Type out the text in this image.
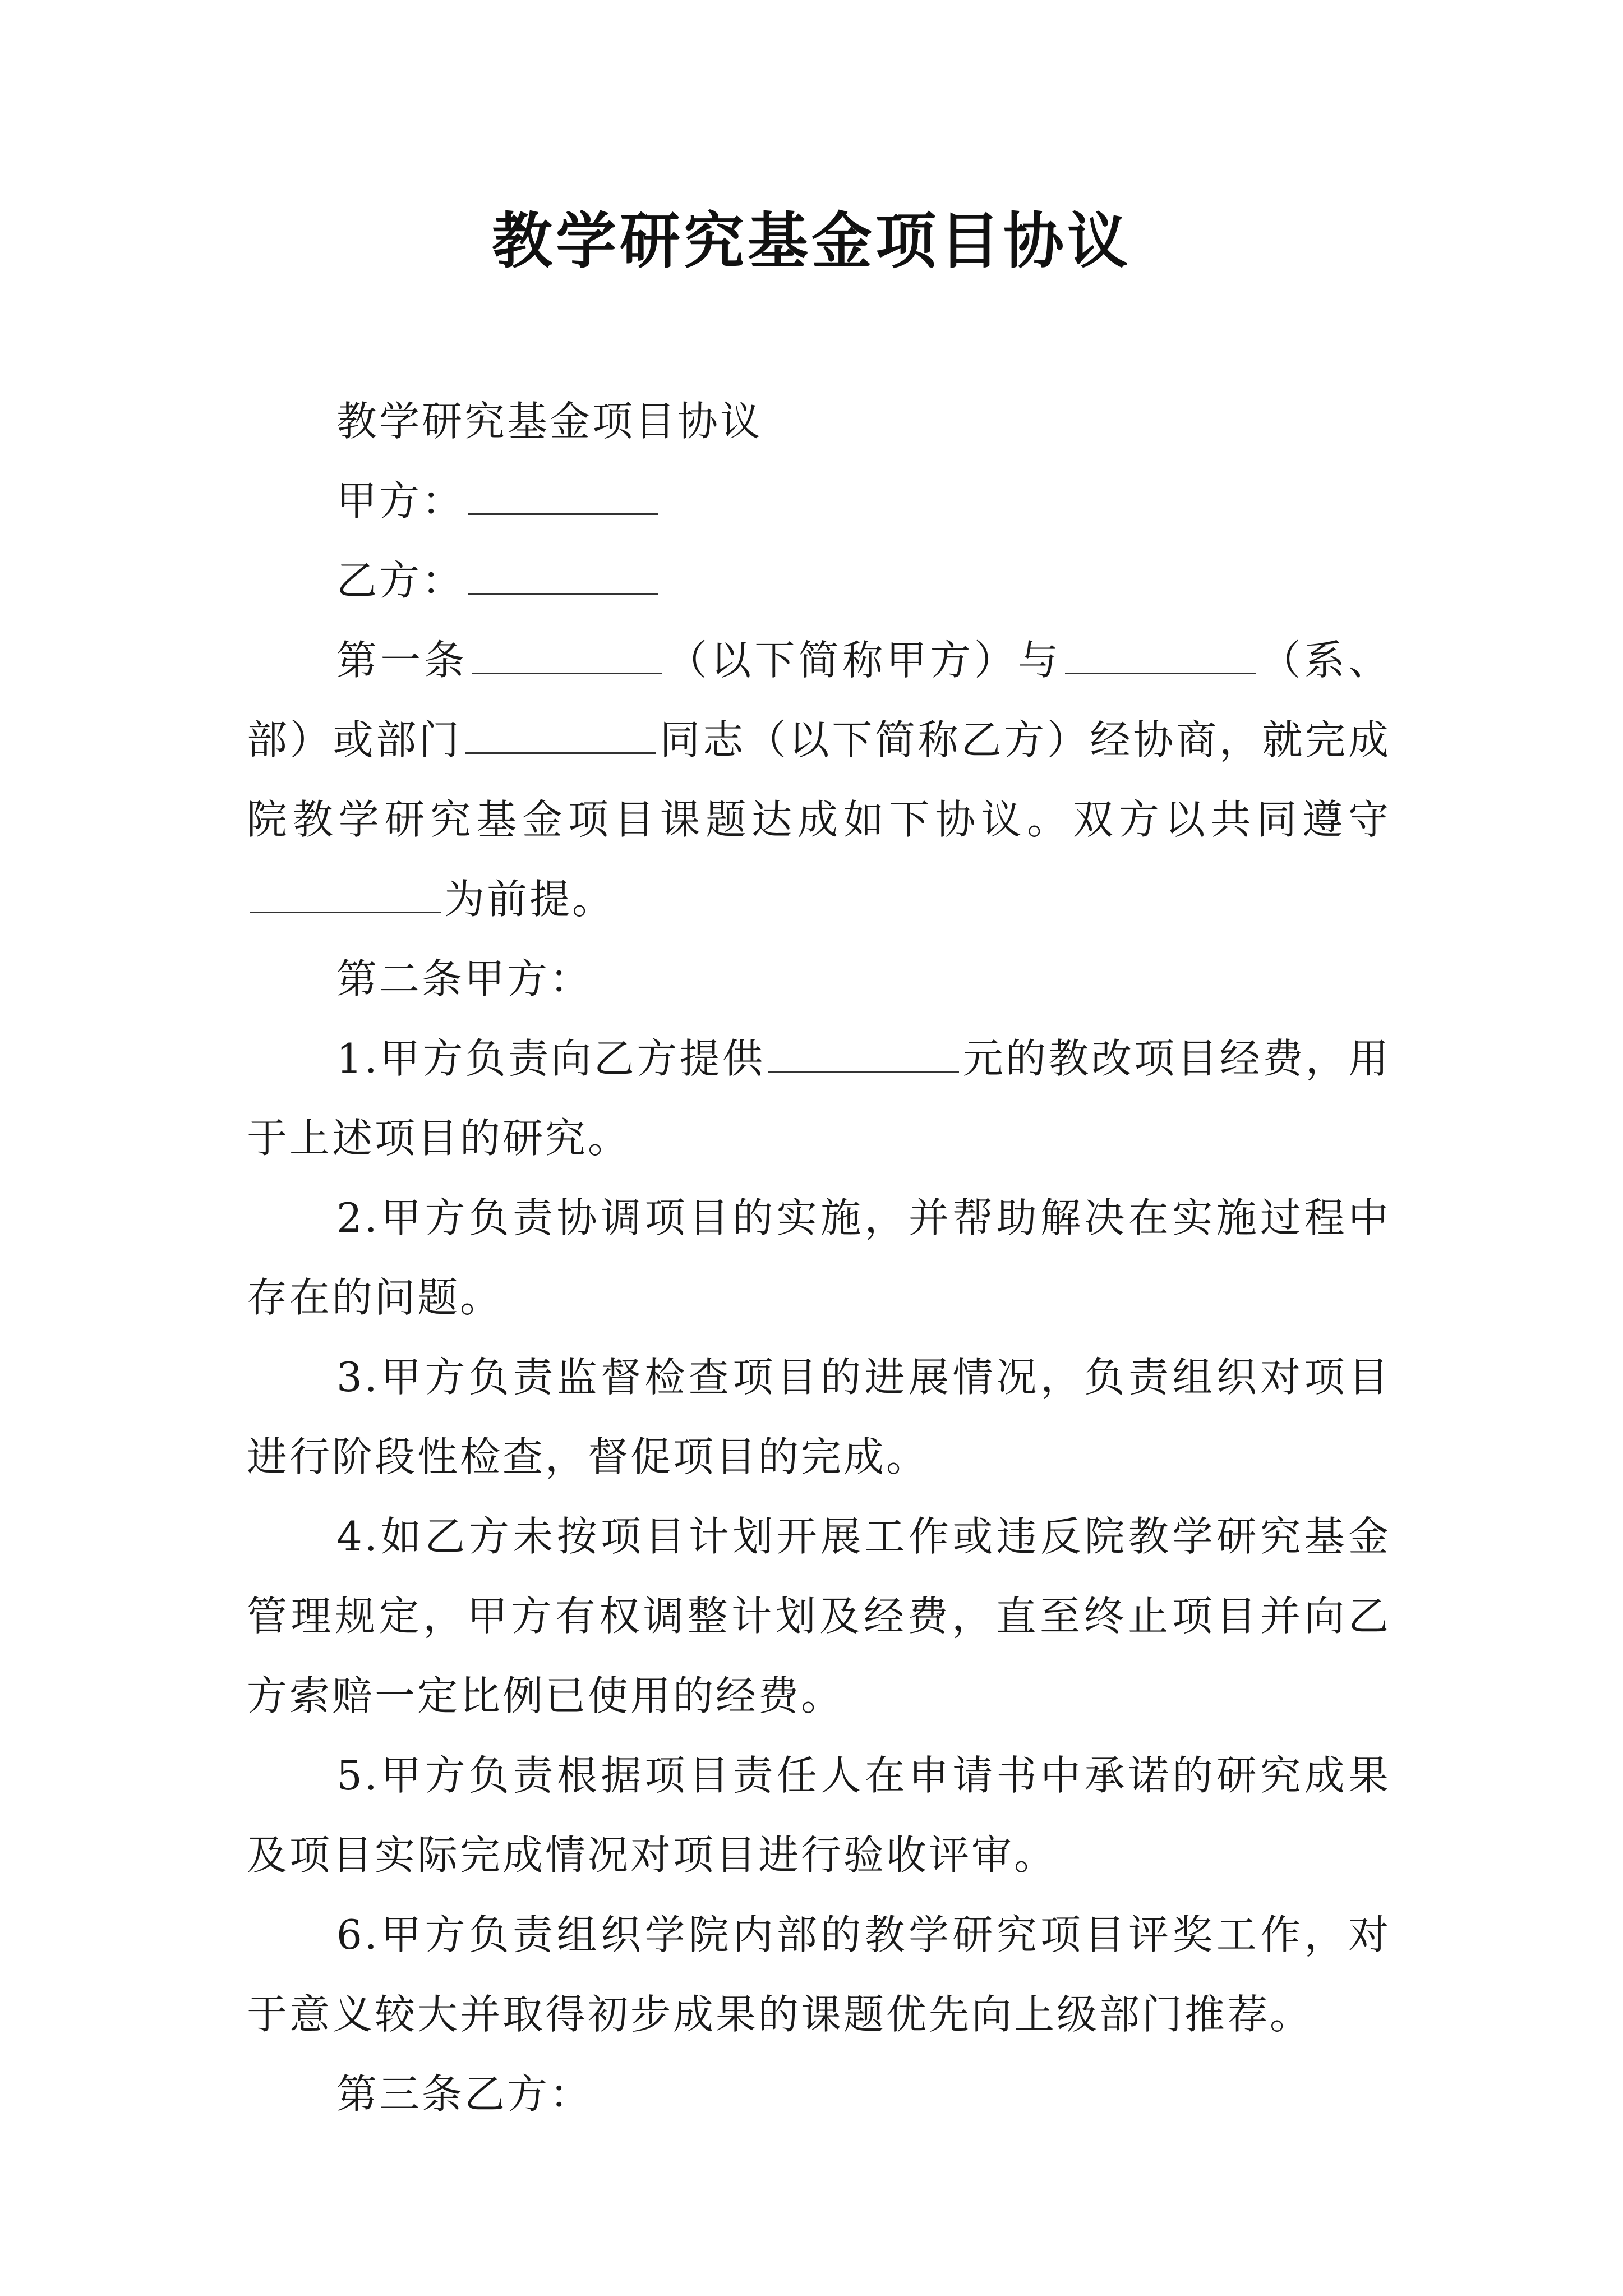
教学研究基金项目协议

教学研究基金项目协议

甲方：

乙方：

第一条	（以下简称甲方）与	（系、部）或部门	同志（以下简称乙方）经协商，就完成院教学研究基金项目课题达成如下协议。双方以共同遵守为前提。

第二条甲方：

1.甲方负责向乙方提供	元的教改项目经费，用于上述项目的研究。

2.甲方负责协调项目的实施，并帮助解决在实施过程中存在的问题。

3.甲方负责监督检查项目的进展情况，负责组织对项目进行阶段性检查，督促项目的完成。

4.如乙方未按项目计划开展工作或违反院教学研究基金管理规定，甲方有权调整计划及经费，直至终止项目并向乙方索赔一定比例已使用的经费。

5.甲方负责根据项目责任人在申请书中承诺的研究成果及项目实际完成情况对项目进行验收评审。

6.甲方负责组织学院内部的教学研究项目评奖工作，对于意义较大并取得初步成果的课题优先向上级部门推荐。

第三条乙方：
